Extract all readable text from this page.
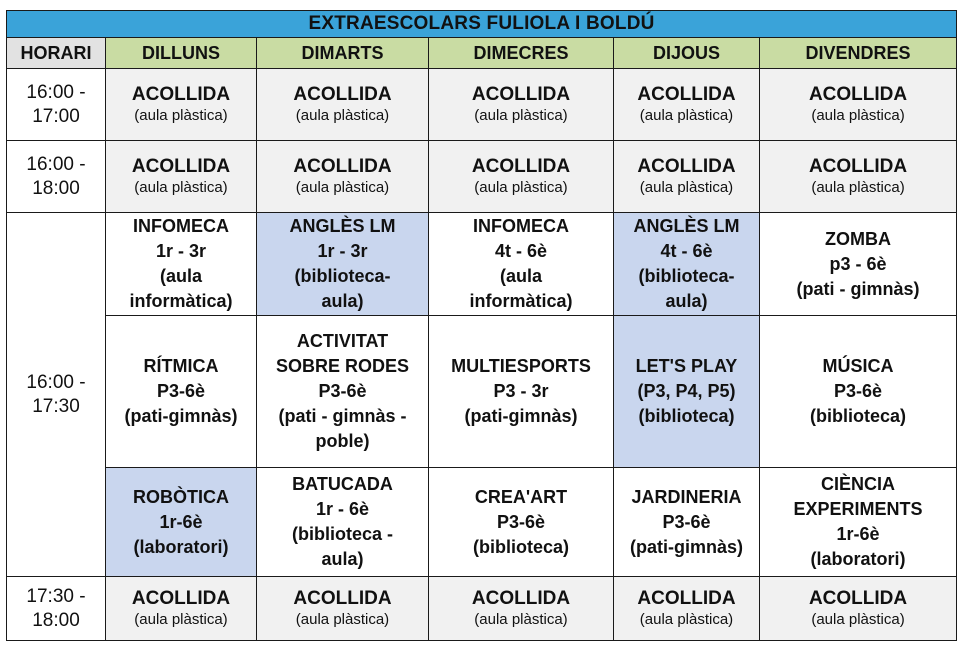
EXTRAESCOLARS FULIOLA I BOLDÚ					
HORARI	DILLUNS	DIMARTS	DIMECRES	DIJOUS	DIVENDRES

16:00 -
17:00	ACOLLIDA
(aula plàstica)	ACOLLIDA
(aula plàstica)	ACOLLIDA
(aula plàstica)	ACOLLIDA
(aula plàstica)	ACOLLIDA
(aula plàstica)

16:00 -
18:00	ACOLLIDA
(aula plàstica)	ACOLLIDA
(aula plàstica)	ACOLLIDA
(aula plàstica)	ACOLLIDA
(aula plàstica)	ACOLLIDA
(aula plàstica)

16:00 -
17:30	INFOMECA
1r - 3r
(aula
informàtica)	ANGLÈS LM
1r - 3r
(biblioteca-
aula)	INFOMECA
4t - 6è
(aula
informàtica)	ANGLÈS LM
4t - 6è
(biblioteca-
aula)	ZOMBA
p3 - 6è
(pati - gimnàs)

	RÍTMICA
P3-6è
(pati-gimnàs)	ACTIVITAT
SOBRE RODES
P3-6è
(pati - gimnàs -
poble)	MULTIESPORTS
P3 - 3r
(pati-gimnàs)	LET'S PLAY
(P3, P4, P5)
(biblioteca)	MÚSICA
P3-6è
(biblioteca)

	ROBÒTICA
1r-6è
(laboratori)	BATUCADA
1r - 6è
(biblioteca -
aula)	CREA'ART
P3-6è
(biblioteca)	JARDINERIA
P3-6è
(pati-gimnàs)	CIÈNCIA
EXPERIMENTS
1r-6è
(laboratori)

17:30 -
18:00	ACOLLIDA
(aula plàstica)	ACOLLIDA
(aula plàstica)	ACOLLIDA
(aula plàstica)	ACOLLIDA
(aula plàstica)	ACOLLIDA
(aula plàstica)
